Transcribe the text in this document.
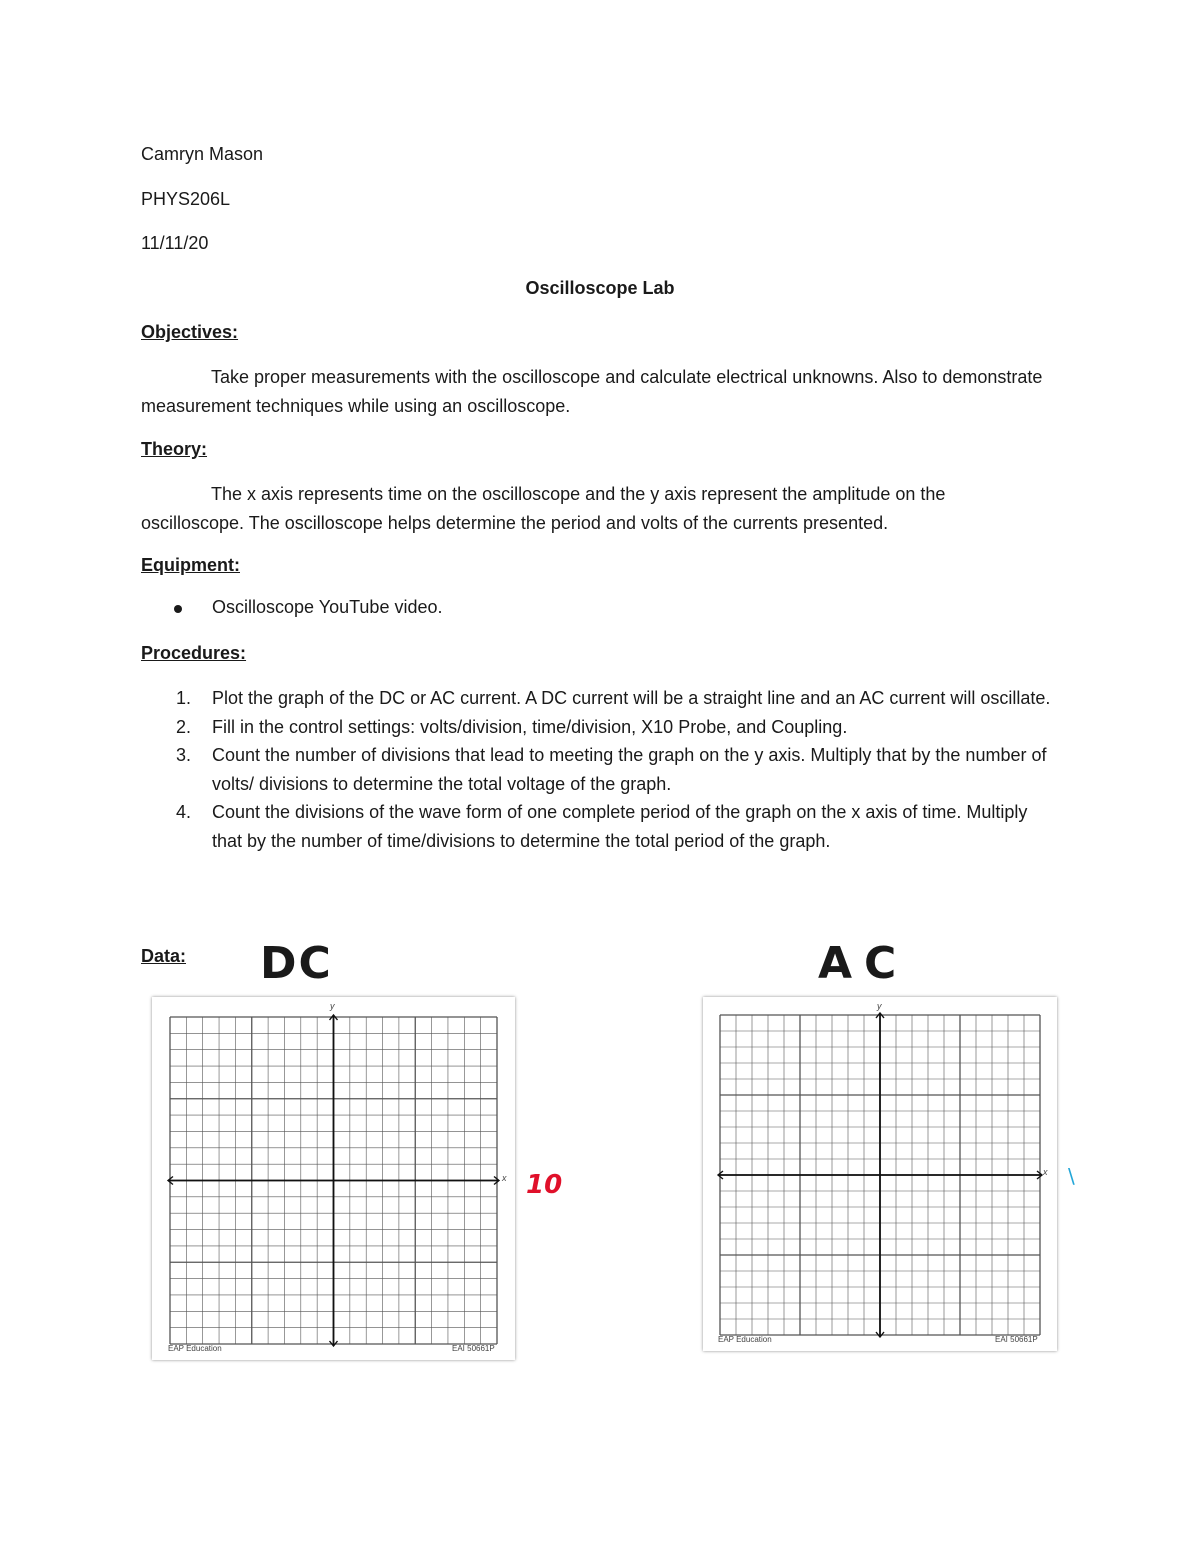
Camryn Mason
PHYS206L
11/11/20
Oscilloscope Lab
Objectives:
Take proper measurements with the oscilloscope and calculate electrical unknowns. Also to demonstrate measurement techniques while using an oscilloscope.
Theory:
The x axis represents time on the oscilloscope and the y axis represent the amplitude on the oscilloscope. The oscilloscope helps determine the period and volts of the currents presented.
Equipment:
Oscilloscope YouTube video.
Procedures:
1. Plot the graph of the DC or AC current. A DC current will be a straight line and an AC current will oscillate.
2. Fill in the control settings: volts/division, time/division, X10 Probe, and Coupling.
3. Count the number of divisions that lead to meeting the graph on the y axis. Multiply that by the number of volts/ divisions to determine the total voltage of the graph.
4. Count the divisions of the wave form of one complete period of the graph on the x axis of time. Multiply that by the number of time/divisions to determine the total period of the graph.
Data: DC	AC
EAP Education	EAI 50661P
y
x 10
EAP Education	EAI 50661P
y
x \
